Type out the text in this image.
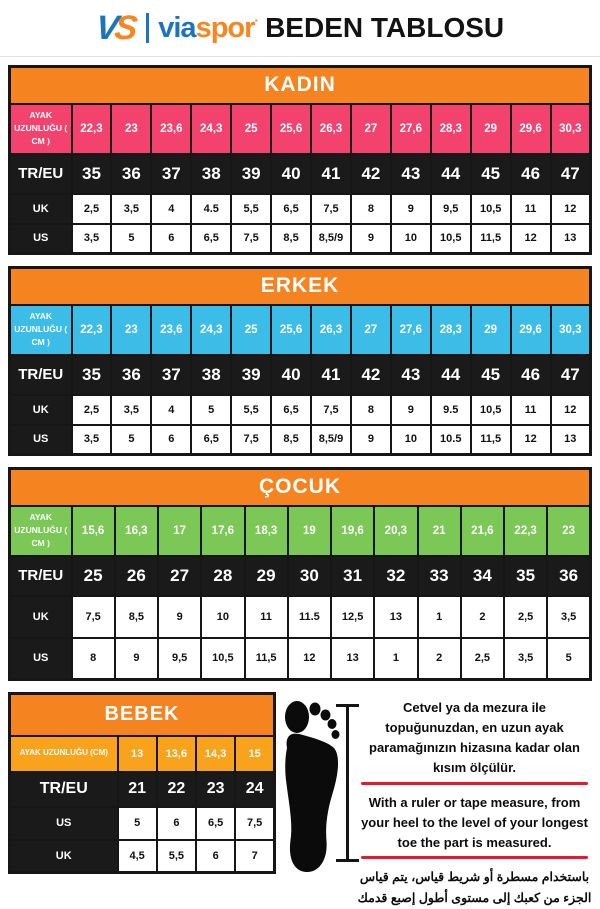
VS viaspor· BEDEN TABLOSU
KADIN													
AYAK UZUNLUĞU ( CM )	22,3	23	23,6	24,3	25	25,6	26,3	27	27,6	28,3	29	29,6	30,3
TR/EU	35	36	37	38	39	40	41	42	43	44	45	46	47
UK	2,5	3,5	4	4.5	5,5	6,5	7,5	8	9	9,5	10,5	11	12
US	3,5	5	6	6,5	7,5	8,5	8,5/9	9	10	10,5	11,5	12	13
ERKEK													
AYAK UZUNLUĞU ( CM )	22,3	23	23,6	24,3	25	25,6	26,3	27	27,6	28,3	29	29,6	30,3
TR/EU	35	36	37	38	39	40	41	42	43	44	45	46	47
UK	2,5	3,5	4	5	5,5	6,5	7,5	8	9	9.5	10,5	11	12
US	3,5	5	6	6,5	7,5	8,5	8,5/9	9	10	10.5	11,5	12	13
ÇOCUK												
AYAK UZUNLUĞU ( CM )	15,6	16,3	17	17,6	18,3	19	19,6	20,3	21	21,6	22,3	23
TR/EU	25	26	27	28	29	30	31	32	33	34	35	36
UK	7,5	8,5	9	10	11	11.5	12,5	13	1	2	2,5	3,5
US	8	9	9,5	10,5	11,5	12	13	1	2	2,5	3,5	5
BEBEK				
AYAK UZUNLUĞU (CM)	13	13,6	14,3	15
TR/EU	21	22	23	24
US	5	6	6,5	7,5
UK	4,5	5,5	6	7
Cetvel ya da mezura ile topuğunuzdan, en uzun ayak paramağınızın hizasına kadar olan kısım ölçülür.
With a ruler or tape measure, from your heel to the level of your longest toe the part is measured.
باستخدام مسطرة أو شريط قياس، يتم قياس الجزء من كعبك إلى مستوى أطول إصبع قدمك
